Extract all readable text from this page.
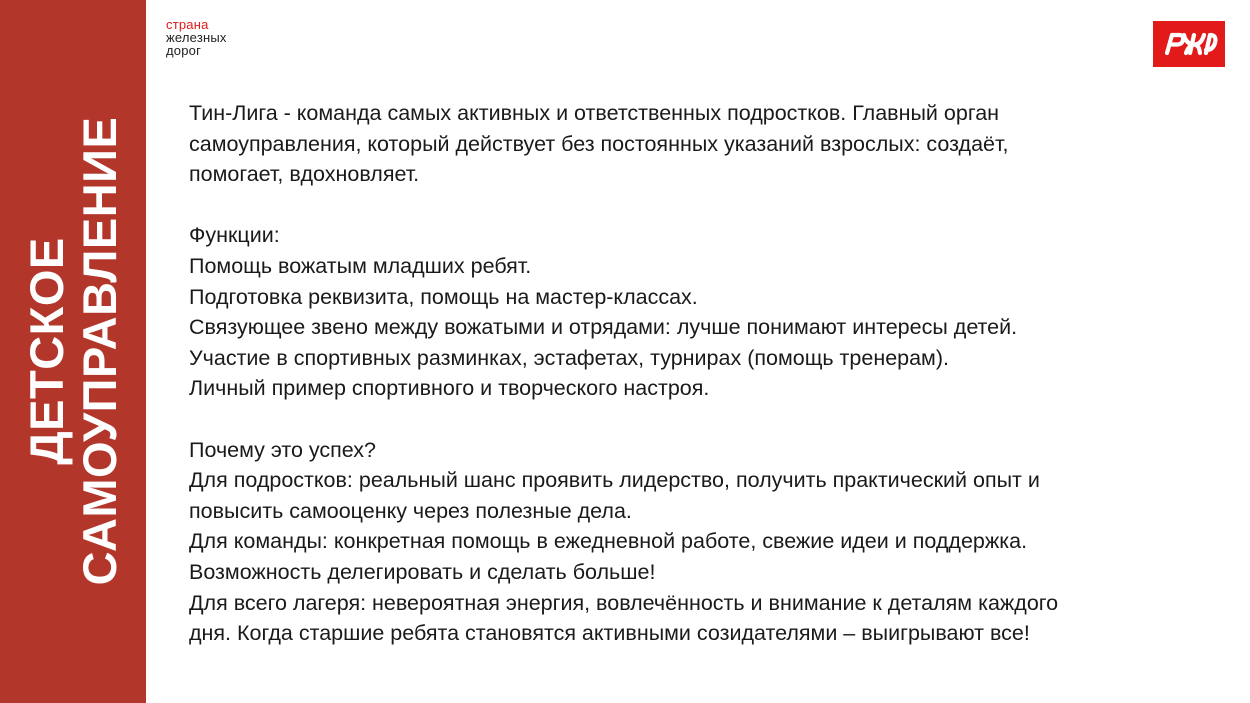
ДЕТСКОЕ САМОУПРАВЛЕНИЕ
страна
железных
дорог

Тин-Лига - команда самых активных и ответственных подростков. Главный орган

самоуправления, который действует без постоянных указаний взрослых: создаёт,

помогает, вдохновляет.

Функции:

Помощь вожатым младших ребят.

Подготовка реквизита, помощь на мастер-классах.

Связующее звено между вожатыми и отрядами: лучше понимают интересы детей.

Участие в спортивных разминках, эстафетах, турнирах (помощь тренерам).

Личный пример спортивного и творческого настроя.

Почему это успех?

Для подростков: реальный шанс проявить лидерство, получить практический опыт и

повысить самооценку через полезные дела.

Для команды: конкретная помощь в ежедневной работе, свежие идеи и поддержка.

Возможность делегировать и сделать больше!

Для всего лагеря: невероятная энергия, вовлечённость и внимание к деталям каждого

дня. Когда старшие ребята становятся активными созидателями – выигрывают все!
